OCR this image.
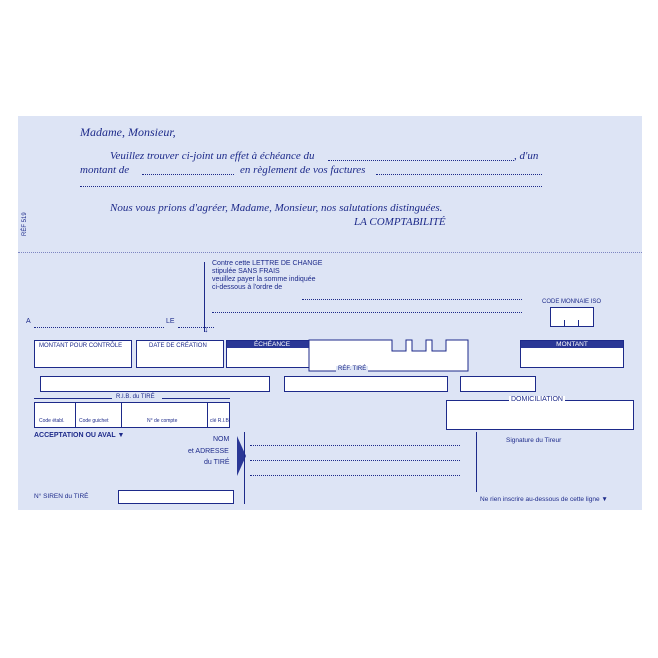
Madame, Monsieur,
Veuillez trouver ci-joint un effet à échéance du	, d'un
montant de	en règlement de vos factures
Nous vous prions d'agréer, Madame, Monsieur, nos salutations distinguées.
LA COMPTABILITÉ
RÉF 519
Contre cette LETTRE DE CHANGE
stipulée SANS FRAIS
veuillez payer la somme indiquée
ci-dessous à l'ordre de
A	LE
↓
CODE MONNAIE ISO
MONTANT POUR CONTRÔLE	DATE DE CRÉATION	ÉCHÉANCE
RÉF. TIRÉ
MONTANT
R.I.B. du TIRÉ
Code établ.	Code guichet	N° de compte	clé R.I.B.
DOMICILIATION
ACCEPTATION OU AVAL ▼
NOM
et ADRESSE
du TIRÉ
Signature du Tireur
N° SIREN du TIRÉ	Ne rien inscrire au-dessous de cette ligne ▼
